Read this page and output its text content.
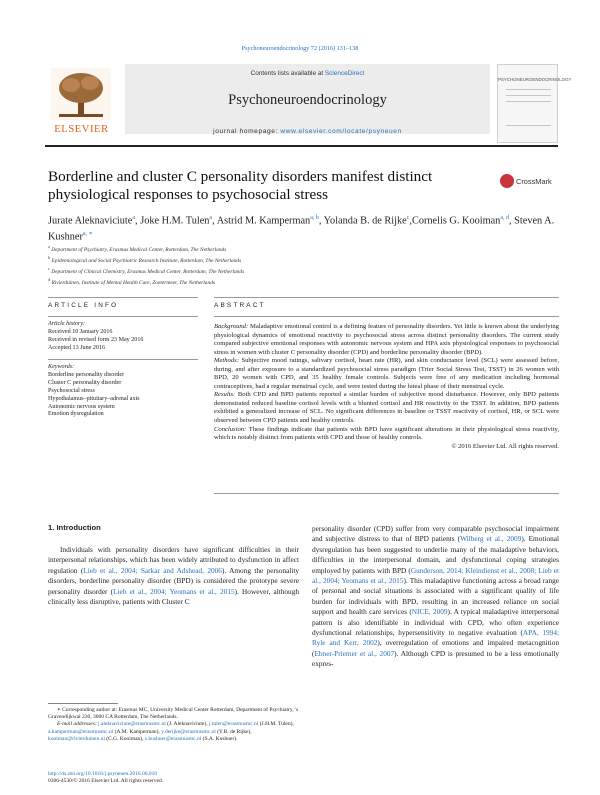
Psychoneuroendocrinology 72 (2016) 131–138
ELSEVIER
Contents lists available at ScienceDirect
Psychoneuroendocrinology
journal homepage: www.elsevier.com/locate/psyneuen
PSYCHONEUROENDOCRINOLOGY
Borderline and cluster C personality disorders manifest distinct physiological responses to psychosocial stress
CrossMark
Jurate Aleknaviciute$^a$, Joke H.M. Tulen$^a$, Astrid M. Kamperman$^{a, b}$, Yolanda B. de Rijke$^c$,Cornelis G. Kooiman$^{a, d}$, Steven A. Kushner$^{a, ∗}$
$^a$ Department of Psychiatry, Erasmus Medical Center, Rotterdam, The Netherlands
$^b$ Epidemiological and Social Psychiatric Research Institute, Rotterdam, The Netherlands
$^c$ Department of Clinical Chemistry, Erasmus Medical Center, Rotterdam, The Netherlands
$^d$ Rivierduinen, Institute of Mental Health Care, Zoetermeer, The Netherlands
ARTICLE INFO	ABSTRACT
Article history:
Received 10 January 2016
Received in revised form 23 May 2016
Accepted 13 June 2016
Keywords:
Borderline personality disorder
Cluster C personality disorder
Psychosocial stress
Hypothalamus–pituitary–adrenal axis
Autonomic nervous system
Emotion dysregulation

Background: Maladaptive emotional control is a defining feature of personality disorders. Yet little is known about the underlying physiological dynamics of emotional reactivity to psychosocial stress across distinct personality disorders. The current study compared subjective emotional responses with autonomic nervous system and HPA axis physiological responses to psychosocial stress in women with cluster C personality disorder (CPD) and borderline personality disorder (BPD).

Methods: Subjective mood ratings, salivary cortisol, heart rate (HR), and skin conductance level (SCL) were assessed before, during, and after exposure to a standardized psychosocial stress paradigm (Trier Social Stress Test, TSST) in 26 women with BPD, 20 women with CPD, and 35 healthy female controls. Subjects were free of any medication including hormonal contraceptives, had a regular menstrual cycle, and were tested during the luteal phase of their menstrual cycle.

Results: Both CPD and BPD patients reported a similar burden of subjective mood disturbance. However, only BPD patients demonstrated reduced baseline cortisol levels with a blunted cortisol and HR reactivity to the TSST. In addition, BPD patients exhibited a generalized increase of SCL. No significant differences in baseline or TSST reactivity of cortisol, HR, or SCL were observed between CPD patients and healthy controls.

Conclusion: These findings indicate that patients with BPD have significant alterations in their physiological stress reactivity, which is notably distinct from patients with CPD and those of healthy controls.

© 2016 Elsevier Ltd. All rights reserved.

1. Introduction

Individuals with personality disorders have significant difficulties in their interpersonal relationships, which has been widely attributed to dysfunction in affect regulation (Lieb et al., 2004; Sarkar and Adshead, 2006). Among the personality disorders, borderline personality disorder (BPD) is considered the prototype severe personality disorder (Lieb et al., 2004; Yeomans et al., 2015). However, although clinically less disruptive, patients with Cluster C

personality disorder (CPD) suffer from very comparable psychosocial impairment and subjective distress to that of BPD patients (Wilberg et al., 2009). Emotional dysregulation has been suggested to underlie many of the maladaptive behaviors, difficulties in the interpersonal domain, and dysfunctional coping strategies employed by patients with BPD (Gunderson, 2014; Kleindienst et al., 2008; Lieb et al., 2004; Yeomans et al., 2015). This maladaptive functioning across a broad range of personal and social situations is associated with a significant quality of life burden for individuals with BPD, resulting in an increased reliance on social support and health care services (NICE, 2009). A typical maladaptive interpersonal pattern is also identifiable in individual with CPD, who often experience dysfunctional relationships, hypersensitivity to negative evaluation (APA, 1994; Ryle and Kerr, 2002), overregulation of emotions and impaired metacognition (Ebner-Priemer et al., 2007). Although CPD is presumed to be a less emotionally expres-

∗ Corresponding author at: Erasmus MC, University Medical Center Rotterdam, Department of Psychiatry, 's Gravendijkwal 230, 3000 CA Rotterdam, The Netherlands.
E-mail addresses: j.aleknaviciute@erasmusmc.nl (J. Aleknaviciute), j.tulen@erasmusmc.nl (J.H.M. Tulen), a.kamperman@erasmusmc.nl (A.M. Kamperman), y.derijke@erasmusmc.nl (Y.B. de Rijke), kooiman@rivierduinen.nl (C.G. Kooiman), s.kushner@erasmusmc.nl (S.A. Kushner).
http://dx.doi.org/10.1016/j.psyneuen.2016.06.010
0306-4530/© 2016 Elsevier Ltd. All rights reserved.
